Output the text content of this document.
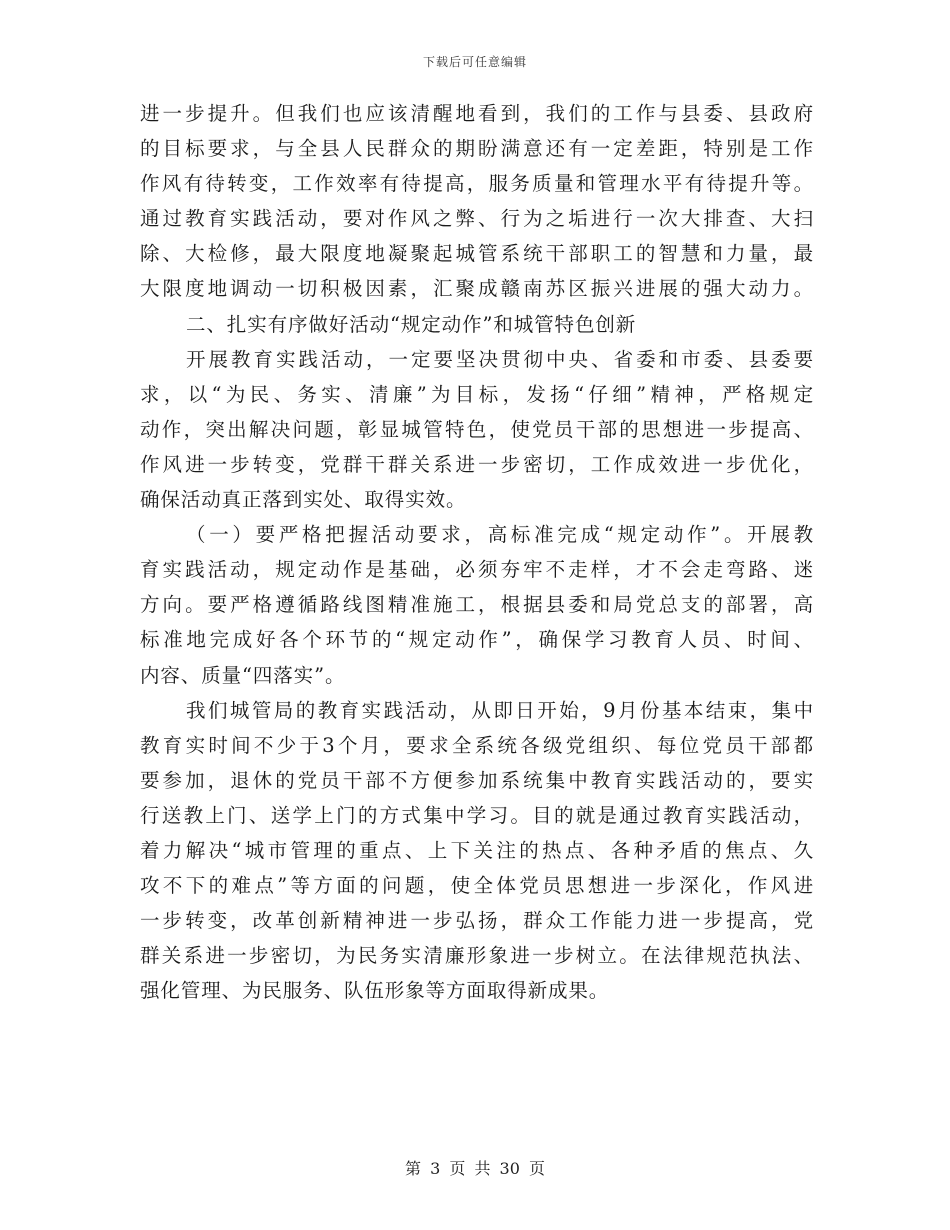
下载后可任意编辑
进一步提升。但我们也应该清醒地看到，我们的工作与县委、县政府
的目标要求，与全县人民群众的期盼满意还有一定差距，特别是工作
作风有待转变，工作效率有待提高，服务质量和管理水平有待提升等。
通过教育实践活动，要对作风之弊、行为之垢进行一次大排查、大扫
除、大检修，最大限度地凝聚起城管系统干部职工的智慧和力量，最
大限度地调动一切积极因素，汇聚成赣南苏区振兴进展的强大动力。
二、扎实有序做好活动“规定动作”和城管特色创新
开展教育实践活动，一定要坚决贯彻中央、省委和市委、县委要
求，以“为民、务实、清廉”为目标，发扬“仔细”精神，严格规定
动作，突出解决问题，彰显城管特色，使党员干部的思想进一步提高、
作风进一步转变，党群干群关系进一步密切，工作成效进一步优化，
确保活动真正落到实处、取得实效。
（一）要严格把握活动要求，高标准完成“规定动作”。开展教
育实践活动，规定动作是基础，必须夯牢不走样，才不会走弯路、迷
方向。要严格遵循路线图精准施工，根据县委和局党总支的部署，高
标准地完成好各个环节的“规定动作”，确保学习教育人员、时间、
内容、质量“四落实”。
我们城管局的教育实践活动，从即日开始，9月份基本结束，集中
教育实时间不少于3个月，要求全系统各级党组织、每位党员干部都
要参加，退休的党员干部不方便参加系统集中教育实践活动的，要实
行送教上门、送学上门的方式集中学习。目的就是通过教育实践活动，
着力解决“城市管理的重点、上下关注的热点、各种矛盾的焦点、久
攻不下的难点”等方面的问题，使全体党员思想进一步深化，作风进
一步转变，改革创新精神进一步弘扬，群众工作能力进一步提高，党
群关系进一步密切，为民务实清廉形象进一步树立。在法律规范执法、
强化管理、为民服务、队伍形象等方面取得新成果。
第 3 页 共 30 页
